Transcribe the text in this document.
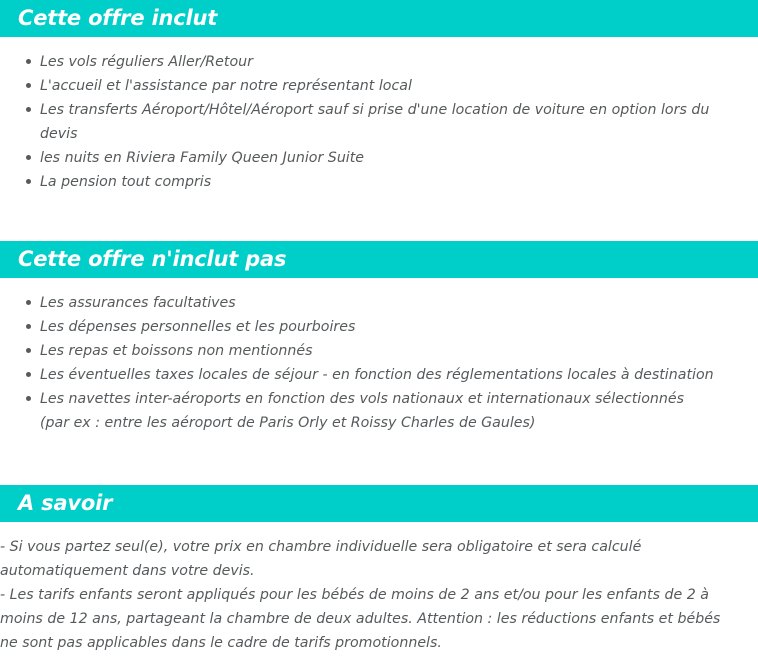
Cette offre inclut
Les vols réguliers Aller/Retour
L'accueil et l'assistance par notre représentant local
Les transferts Aéroport/Hôtel/Aéroport sauf si prise d'une location de voiture en option lors du devis
les nuits en Riviera Family Queen Junior Suite
La pension tout compris
Cette offre n'inclut pas
Les assurances facultatives
Les dépenses personnelles et les pourboires
Les repas et boissons non mentionnés
Les éventuelles taxes locales de séjour - en fonction des réglementations locales à destination
Les navettes inter-aéroports en fonction des vols nationaux et internationaux sélectionnés (par ex : entre les aéroport de Paris Orly et Roissy Charles de Gaules)
A savoir

- Si vous partez seul(e), votre prix en chambre individuelle sera obligatoire et sera calculé automatiquement dans votre devis.

- Les tarifs enfants seront appliqués pour les bébés de moins de 2 ans et/ou pour les enfants de 2 à moins de 12 ans, partageant la chambre de deux adultes. Attention : les réductions enfants et bébés ne sont pas applicables dans le cadre de tarifs promotionnels.
